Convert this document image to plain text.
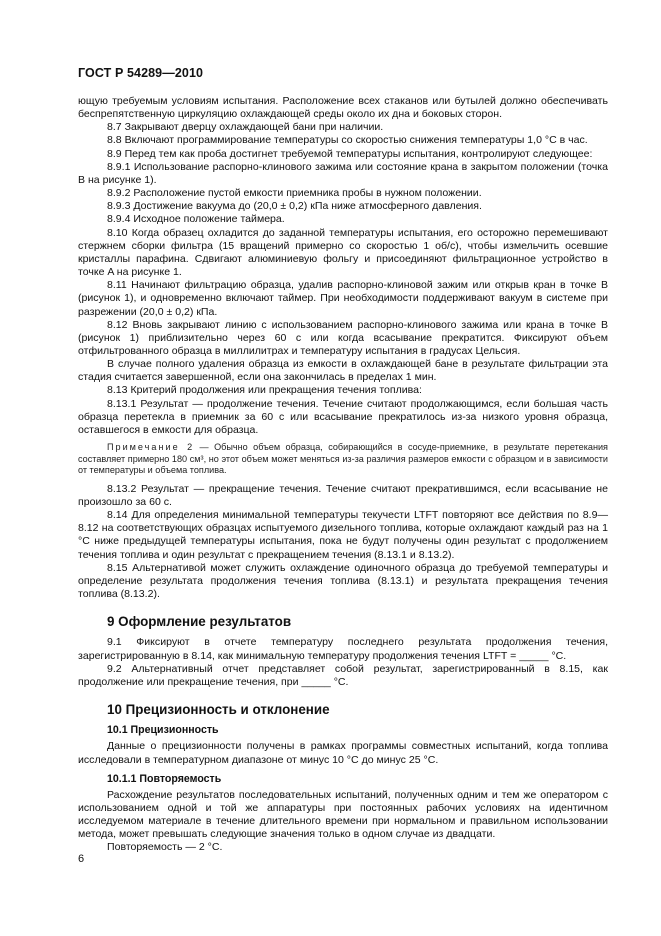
ГОСТ Р 54289—2010

ющую требуемым условиям испытания. Расположение всех стаканов или бутылей должно обеспечивать беспрепятственную циркуляцию охлаждающей среды около их дна и боковых сторон.

8.7 Закрывают дверцу охлаждающей бани при наличии.

8.8 Включают программирование температуры со скоростью снижения температуры 1,0 °C в час.

8.9 Перед тем как проба достигнет требуемой температуры испытания, контролируют следующее:

8.9.1 Использование распорно-клинового зажима или состояние крана в закрытом положении (точка B на рисунке 1).

8.9.2 Расположение пустой емкости приемника пробы в нужном положении.

8.9.3 Достижение вакуума до (20,0 ± 0,2) кПа ниже атмосферного давления.

8.9.4 Исходное положение таймера.

8.10 Когда образец охладится до заданной температуры испытания, его осторожно перемешивают стержнем сборки фильтра (15 вращений примерно со скоростью 1 об/с), чтобы измельчить осевшие кристаллы парафина. Сдвигают алюминиевую фольгу и присоединяют фильтрационное устройство в точке A на рисунке 1.

8.11 Начинают фильтрацию образца, удалив распорно-клиновой зажим или открыв кран в точке B (рисунок 1), и одновременно включают таймер. При необходимости поддерживают вакуум в системе при разрежении (20,0 ± 0,2) кПа.

8.12 Вновь закрывают линию с использованием распорно-клинового зажима или крана в точке B (рисунок 1) приблизительно через 60 с или когда всасывание прекратится. Фиксируют объем отфильтрованного образца в миллилитрах и температуру испытания в градусах Цельсия.

В случае полного удаления образца из емкости в охлаждающей бане в результате фильтрации эта стадия считается завершенной, если она закончилась в пределах 1 мин.

8.13 Критерий продолжения или прекращения течения топлива:

8.13.1 Результат — продолжение течения. Течение считают продолжающимся, если большая часть образца перетекла в приемник за 60 с или всасывание прекратилось из-за низкого уровня образца, оставшегося в емкости для образца.

Примечание 2 — Обычно объем образца, собирающийся в сосуде-приемнике, в результате перетекания составляет примерно 180 см³, но этот объем может меняться из-за различия размеров емкости с образцом и в зависимости от температуры и объема топлива.

8.13.2 Результат — прекращение течения. Течение считают прекратившимся, если всасывание не произошло за 60 с.

8.14 Для определения минимальной температуры текучести LTFT повторяют все действия по 8.9—8.12 на соответствующих образцах испытуемого дизельного топлива, которые охлаждают каждый раз на 1 °C ниже предыдущей температуры испытания, пока не будут получены один результат с продолжением течения топлива и один результат с прекращением течения (8.13.1 и 8.13.2).

8.15 Альтернативой может служить охлаждение одиночного образца до требуемой температуры и определение результата продолжения течения топлива (8.13.1) и результата прекращения течения топлива (8.13.2).

9 Оформление результатов

9.1 Фиксируют в отчете температуру последнего результата продолжения течения, зарегистрированную в 8.14, как минимальную температуру продолжения течения LTFT = _____ °C.

9.2 Альтернативный отчет представляет собой результат, зарегистрированный в 8.15, как продолжение или прекращение течения, при _____ °C.

10 Прецизионность и отклонение
10.1 Прецизионность

Данные о прецизионности получены в рамках программы совместных испытаний, когда топлива исследовали в температурном диапазоне от минус 10 °C до минус 25 °C.

10.1.1 Повторяемость

Расхождение результатов последовательных испытаний, полученных одним и тем же оператором с использованием одной и той же аппаратуры при постоянных рабочих условиях на идентичном исследуемом материале в течение длительного времени при нормальном и правильном использовании метода, может превышать следующие значения только в одном случае из двадцати.

Повторяемость — 2 °C.

6
